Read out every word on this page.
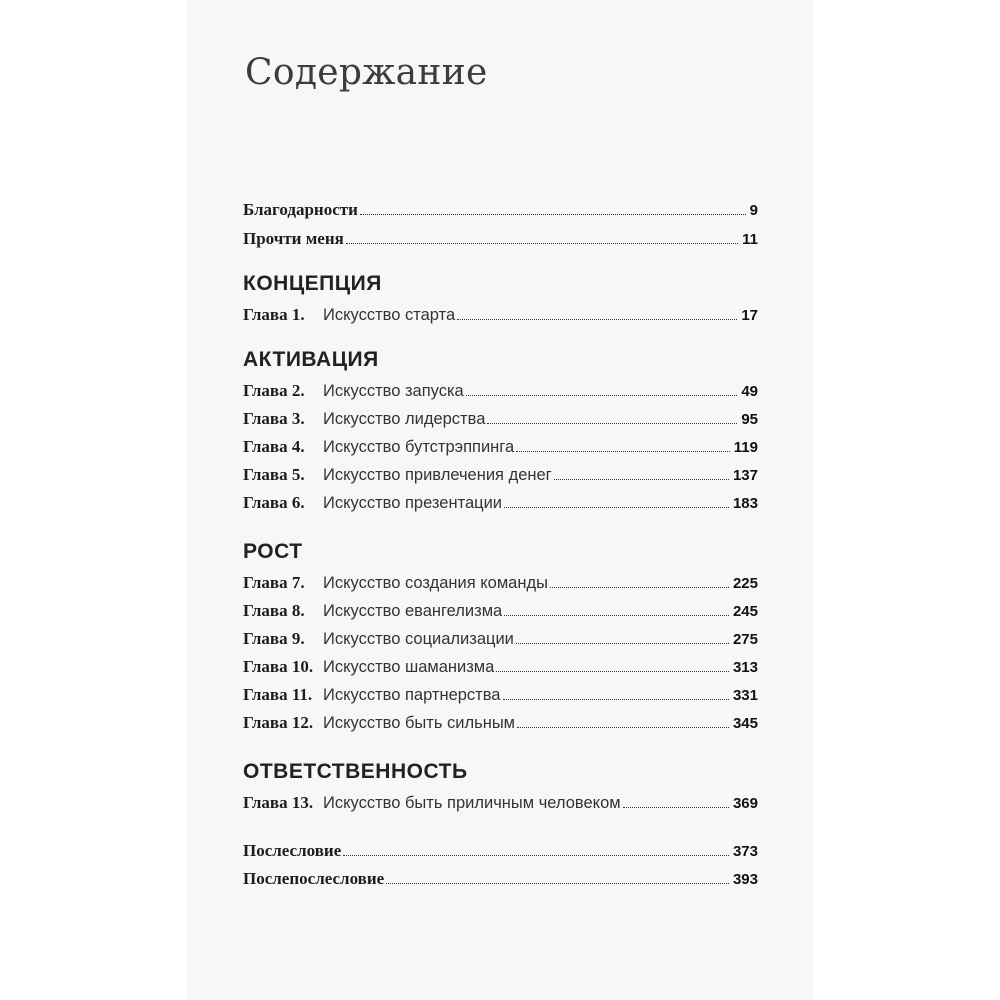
Содержание
Благодарности	9
Прочти меня	11
КОНЦЕПЦИЯ
Глава 1.	Искусство старта	17
АКТИВАЦИЯ
Глава 2.	Искусство запуска	49
Глава 3.	Искусство лидерства	95
Глава 4.	Искусство бутстрэппинга	119
Глава 5.	Искусство привлечения денег	137
Глава 6.	Искусство презентации	183
РОСТ
Глава 7.	Искусство создания команды	225
Глава 8.	Искусство евангелизма	245
Глава 9.	Искусство социализации	275
Глава 10. Искусство шаманизма	313
Глава 11. Искусство партнерства	331
Глава 12. Искусство быть сильным	345
ОТВЕТСТВЕННОСТЬ
Глава 13. Искусство быть приличным человеком	369
Послесловие	373
Послепослесловие	393
